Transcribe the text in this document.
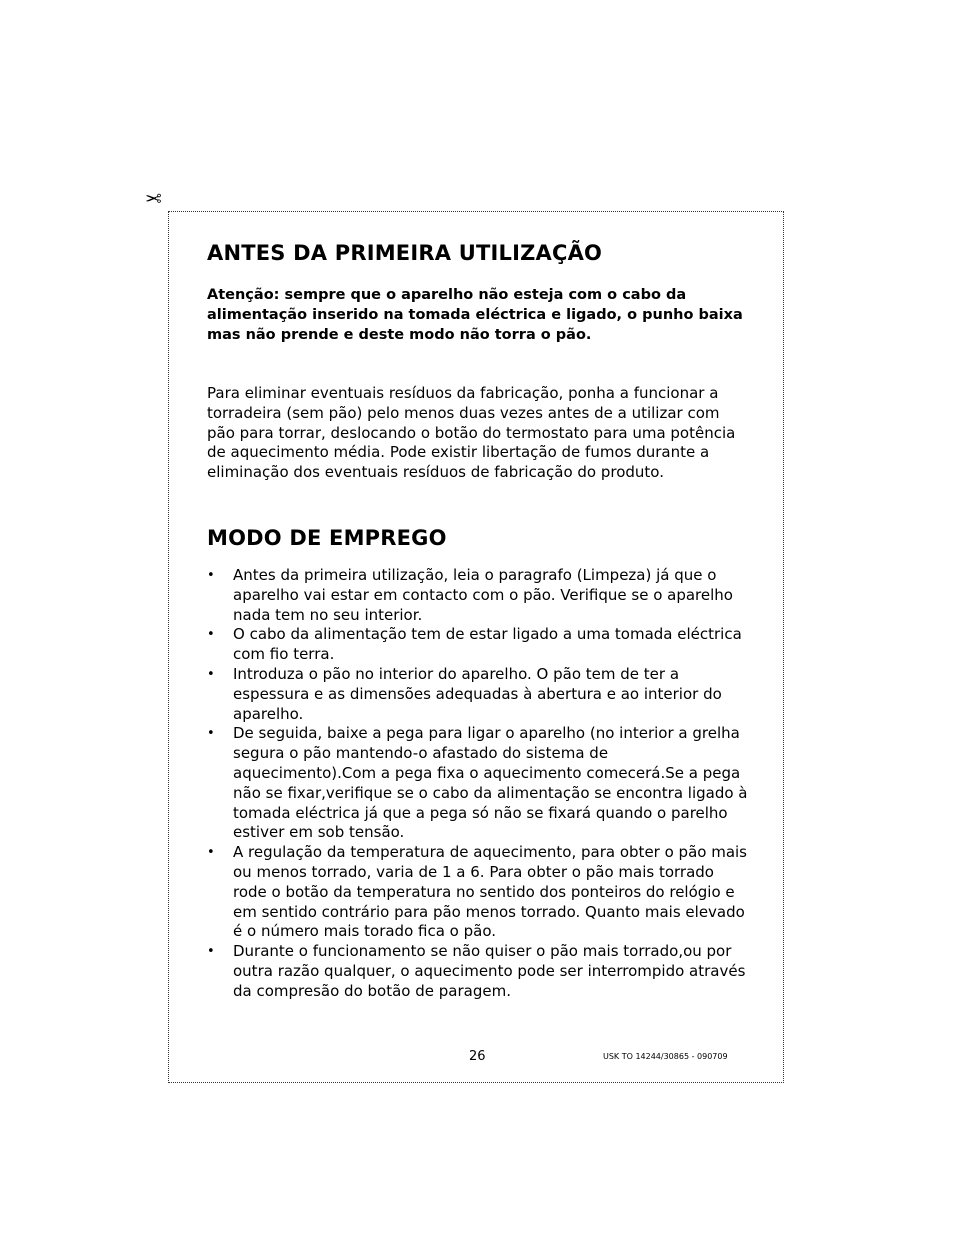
✂
ANTES DA PRIMEIRA UTILIZAÇÃO

Atenção: sempre que o aparelho não esteja com o cabo da alimentação inserido na tomada eléctrica e ligado, o punho baixa mas não prende e deste modo não torra o pão.

Para eliminar eventuais resíduos da fabricação, ponha a funcionar a torradeira (sem pão) pelo menos duas vezes antes de a utilizar com pão para torrar, deslocando o botão do termostato para uma potência de aquecimento média. Pode existir libertação de fumos durante a eliminação dos eventuais resíduos de fabricação do produto.

MODO DE EMPREGO
• Antes da primeira utilização, leia o paragrafo (Limpeza) já que o aparelho vai estar em contacto com o pão. Verifique se o aparelho nada tem no seu interior.
• O cabo da alimentação tem de estar ligado a uma tomada eléctrica com fio terra.
• Introduza o pão no interior do aparelho. O pão tem de ter a espessura e as dimensões adequadas à abertura e ao interior do aparelho.
• De seguida, baixe a pega para ligar o aparelho (no interior a grelha segura o pão mantendo-o afastado do sistema de aquecimento).Com a pega fixa o aquecimento comecerá.Se a pega não se fixar,verifique se o cabo da alimentação se encontra ligado à tomada eléctrica já que a pega só não se fixará quando o parelho estiver em sob tensão.
• A regulação da temperatura de aquecimento, para obter o pão mais ou menos torrado, varia de 1 a 6. Para obter o pão mais torrado rode o botão da temperatura no sentido dos ponteiros do relógio e em sentido contrário para pão menos torrado. Quanto mais elevado é o número mais torado fica o pão.
• Durante o funcionamento se não quiser o pão mais torrado,ou por outra razão qualquer, o aquecimento pode ser interrompido através da compresão do botão de paragem.
26	USK TO 14244/30865 - 090709
